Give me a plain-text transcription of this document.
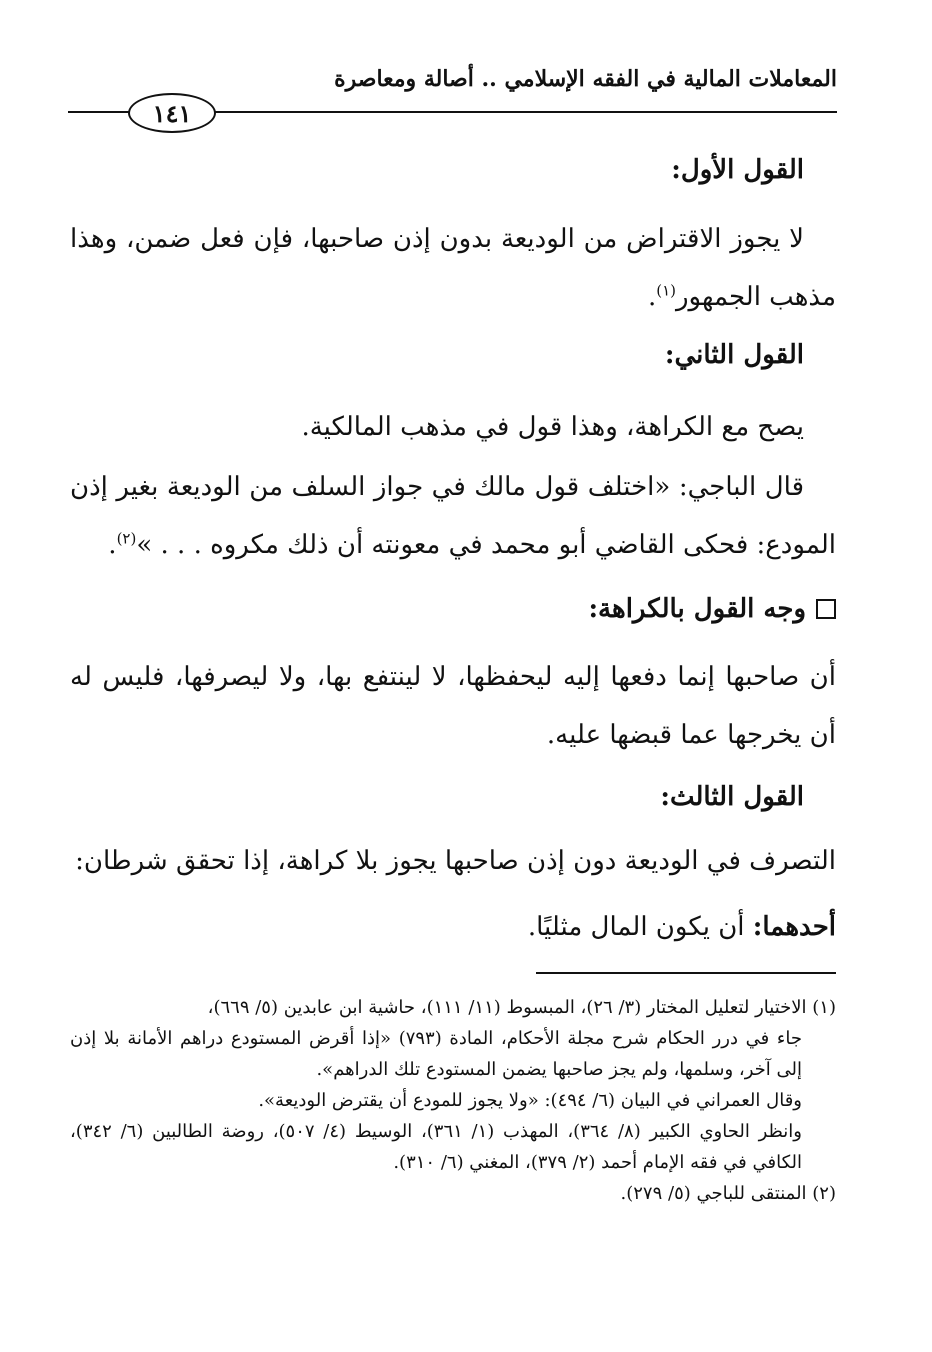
المعاملات المالية في الفقه الإسلامي .. أصالة ومعاصرة
١٤١
القول الأول:

لا يجوز الاقتراض من الوديعة بدون إذن صاحبها، فإن فعل ضمن، وهذا مذهب الجمهور$^{(١)}$.

القول الثاني:

يصح مع الكراهة، وهذا قول في مذهب المالكية.

قال الباجي: «اختلف قول مالك في جواز السلف من الوديعة بغير إذن المودع: فحكى القاضي أبو محمد في معونته أن ذلك مكروه . . . »$^{(٢)}$.

وجه القول بالكراهة:

أن صاحبها إنما دفعها إليه ليحفظها، لا لينتفع بها، ولا ليصرفها، فليس له أن يخرجها عما قبضها عليه.

القول الثالث:

التصرف في الوديعة دون إذن صاحبها يجوز بلا كراهة، إذا تحقق شرطان:

أحدهما: أن يكون المال مثليًا.

(١) الاختيار لتعليل المختار (٣/ ٢٦)، المبسوط (١١/ ١١١)، حاشية ابن عابدين (٥/ ٦٦٩)،

جاء في درر الحكام شرح مجلة الأحكام، المادة (٧٩٣) «إذا أقرض المستودع دراهم الأمانة بلا إذن إلى آخر، وسلمها، ولم يجز صاحبها يضمن المستودع تلك الدراهم».

وقال العمراني في البيان (٦/ ٤٩٤): «ولا يجوز للمودع أن يقترض الوديعة».

وانظر الحاوي الكبير (٨/ ٣٦٤)، المهذب (١/ ٣٦١)، الوسيط (٤/ ٥٠٧)، روضة الطالبين (٦/ ٣٤٢)، الكافي في فقه الإمام أحمد (٢/ ٣٧٩)، المغني (٦/ ٣١٠).

(٢) المنتقى للباجي (٥/ ٢٧٩).
